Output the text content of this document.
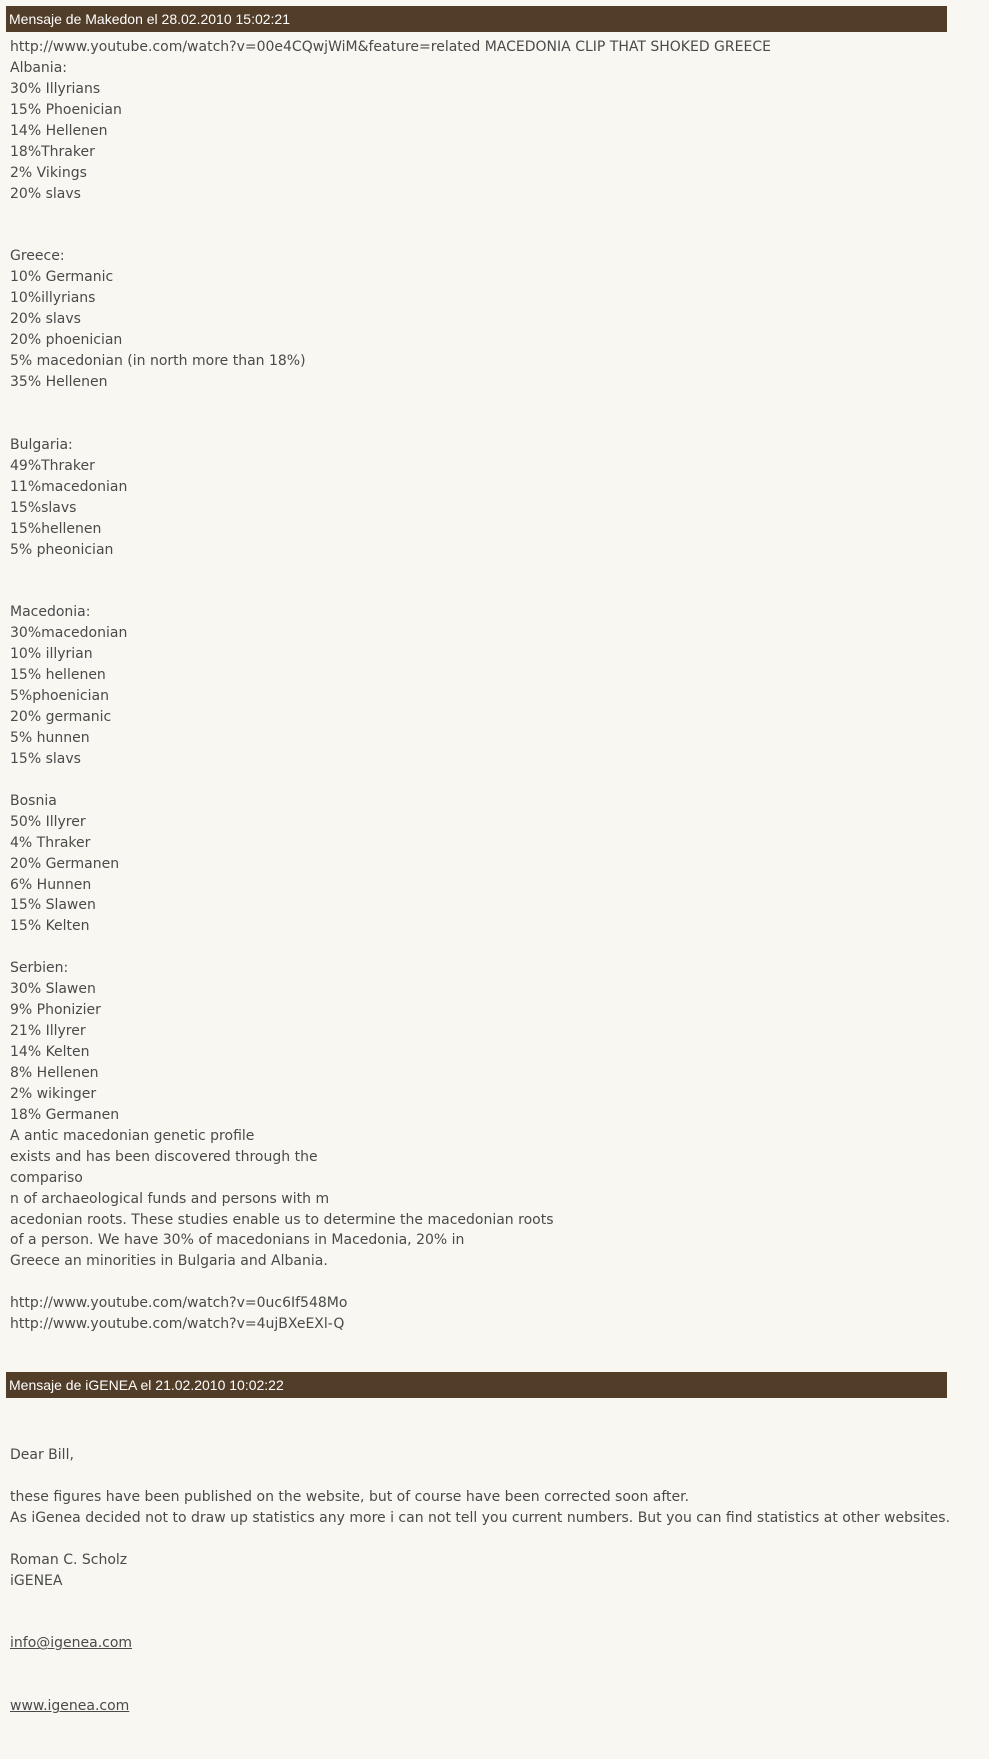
Mensaje de Makedon el 28.02.2010 15:02:21
http://www.youtube.com/watch?v=00e4CQwjWiM&feature=related MACEDONIA CLIP THAT SHOKED GREECE
Albania:
30% Illyrians
15% Phoenician
14% Hellenen
18%Thraker
2% Vikings
20% slavs
Greece:
10% Germanic
10%illyrians
20% slavs
20% phoenician
5% macedonian (in north more than 18%)
35% Hellenen
Bulgaria:
49%Thraker
11%macedonian
15%slavs
15%hellenen
5% pheonician
Macedonia:
30%macedonian
10% illyrian
15% hellenen
5%phoenician
20% germanic
5% hunnen
15% slavs
Bosnia
50% Illyrer
4% Thraker
20% Germanen
6% Hunnen
15% Slawen
15% Kelten
Serbien:
30% Slawen
9% Phonizier
21% Illyrer
14% Kelten
8% Hellenen
2% wikinger
18% Germanen
A antic macedonian genetic profile
exists and has been discovered through the
compariso
n of archaeological funds and persons with m
acedonian roots. These studies enable us to determine the macedonian roots
of a person. We have 30% of macedonians in Macedonia, 20% in
Greece an minorities in Bulgaria and Albania.
http://www.youtube.com/watch?v=0uc6If548Mo
http://www.youtube.com/watch?v=4ujBXeEXl-Q
Mensaje de iGENEA el 21.02.2010 10:02:22

Dear Bill,
these figures have been published on the website, but of course have been corrected soon after.
As iGenea decided not to draw up statistics any more i can not tell you current numbers. But you can find statistics at other websites.
Roman C. Scholz
iGENEA

info@igenea.com

www.igenea.com
